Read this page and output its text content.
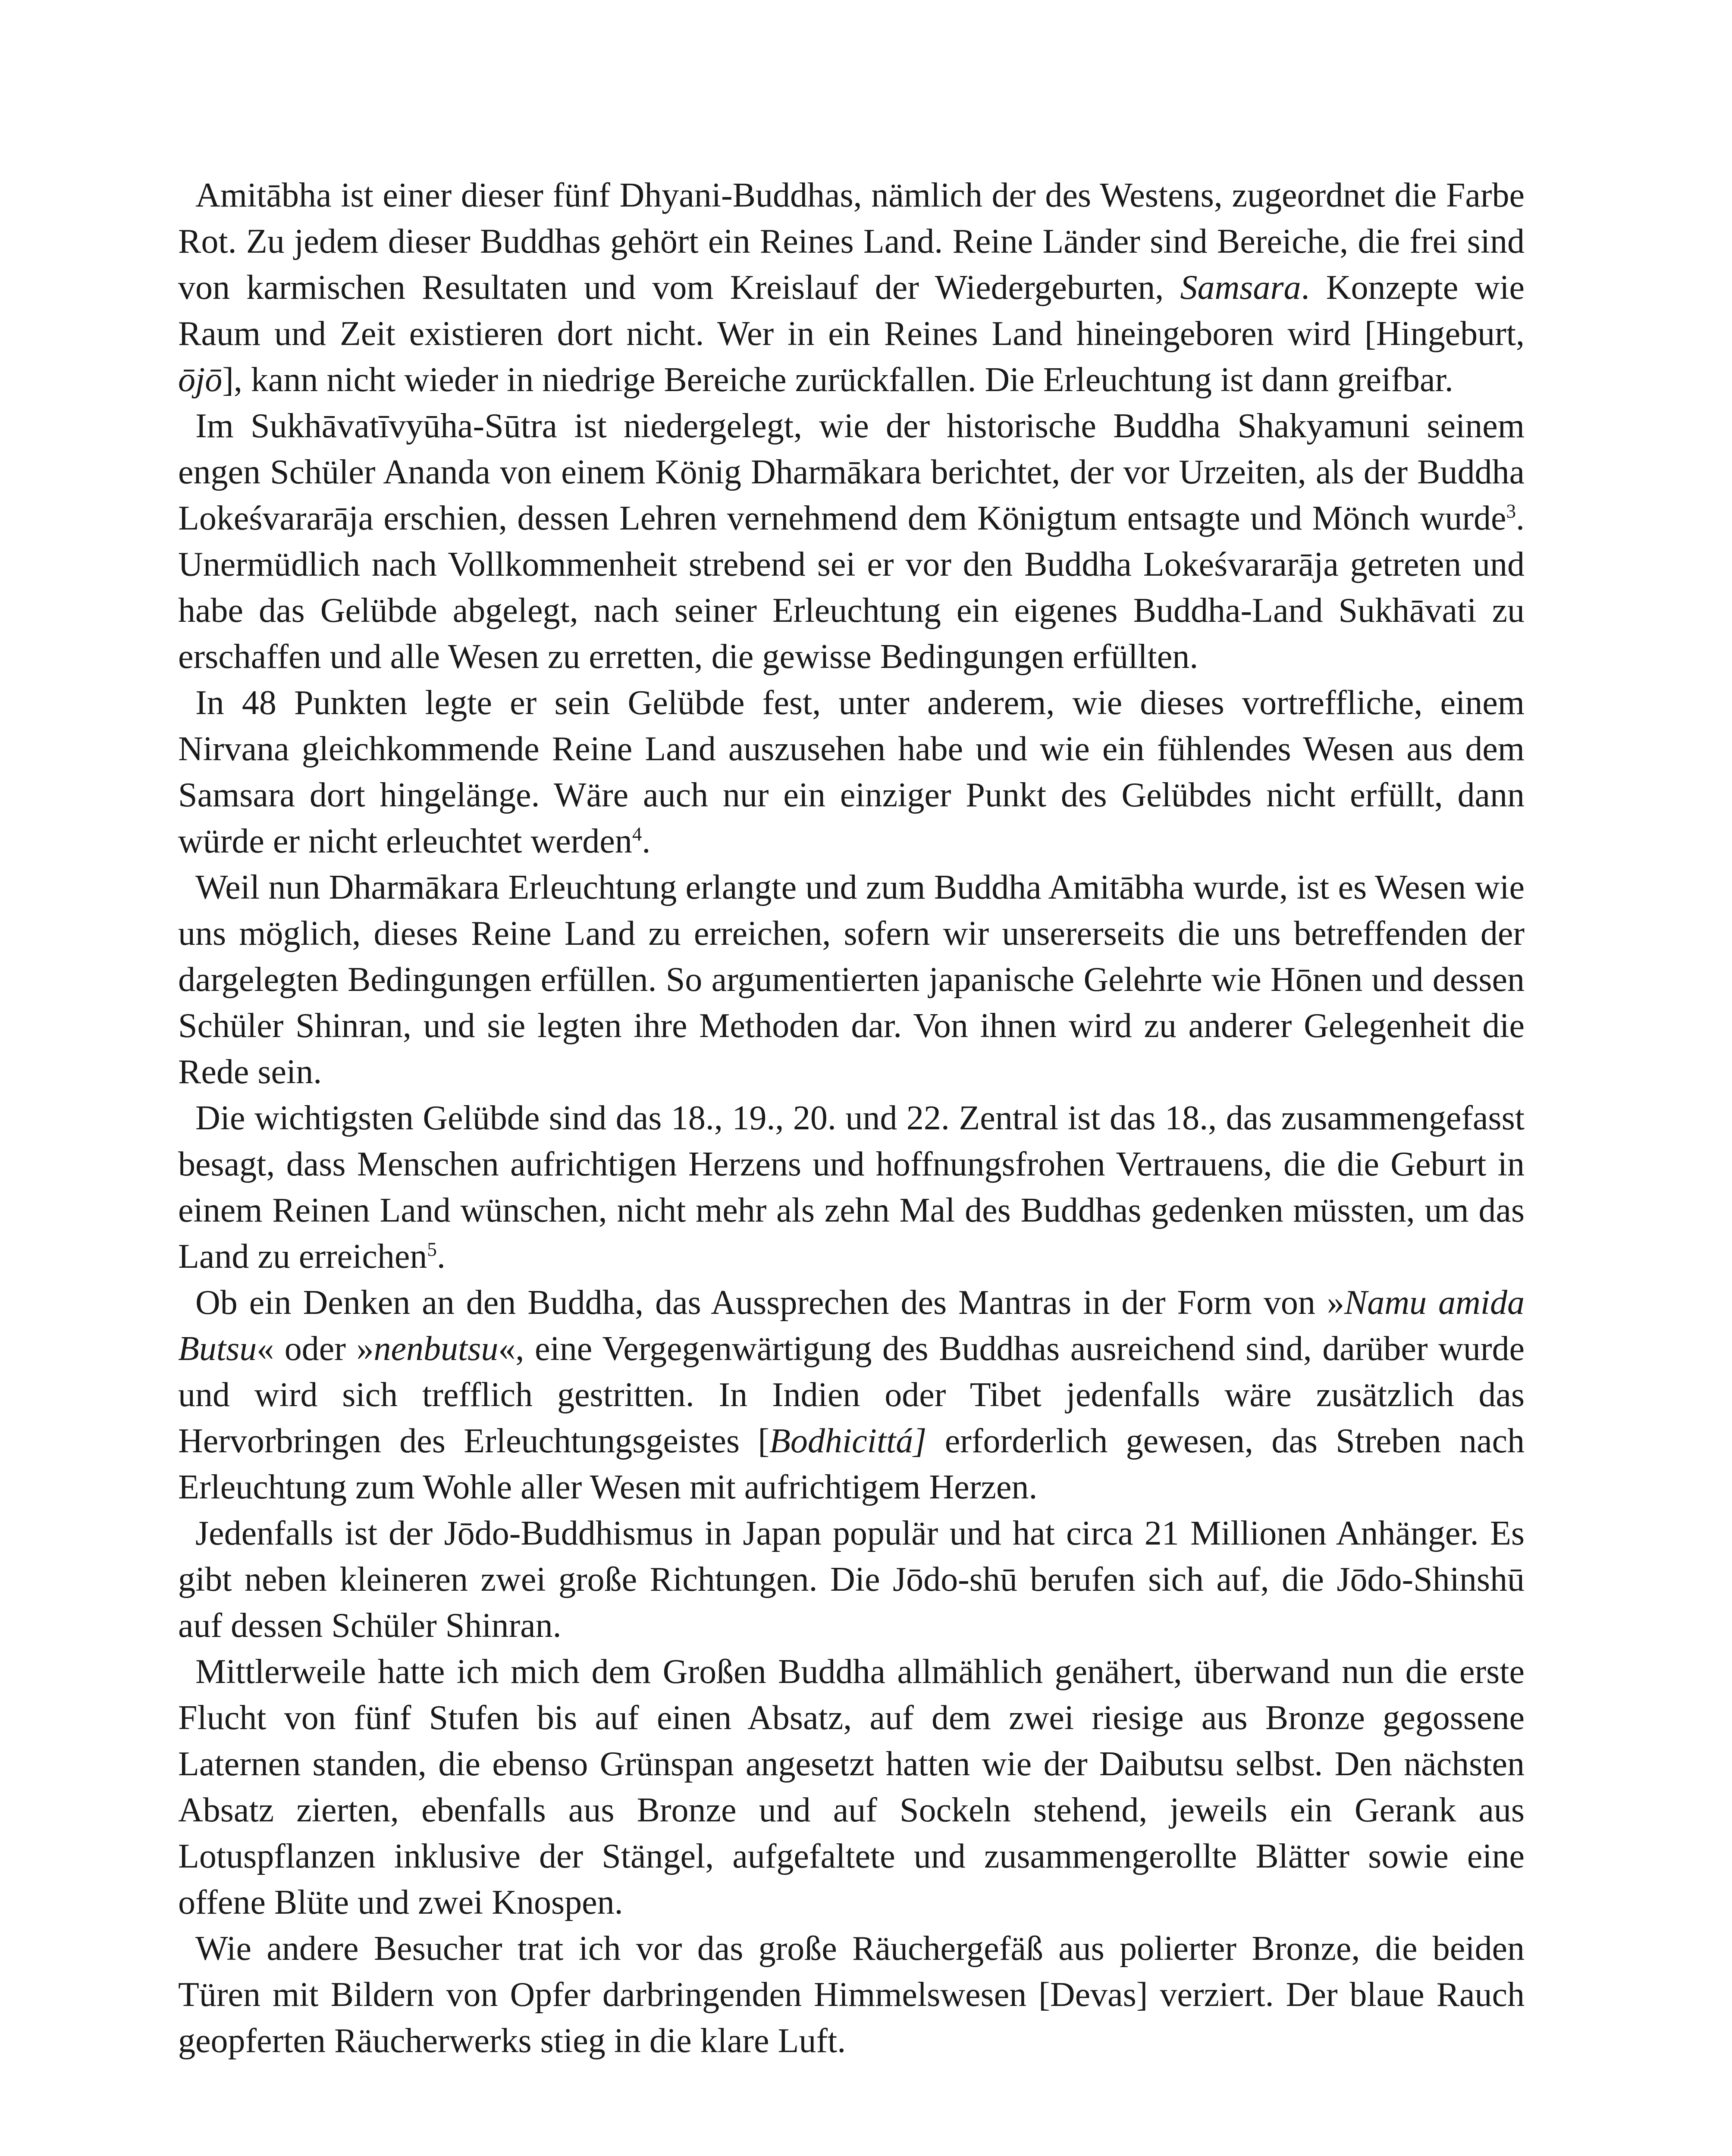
Amitābha ist einer dieser fünf Dhyani-Buddhas, nämlich der des Westens, zugeordnet die Farbe Rot. Zu jedem dieser Buddhas gehört ein Reines Land. Reine Länder sind Bereiche, die frei sind von karmischen Resultaten und vom Kreislauf der Wiedergeburten, Samsara. Konzepte wie Raum und Zeit existieren dort nicht. Wer in ein Reines Land hineingeboren wird [Hingeburt, ōjō], kann nicht wieder in niedrige Bereiche zurückfallen. Die Erleuchtung ist dann greifbar.

Im Sukhāvatīvyūha-Sūtra ist niedergelegt, wie der historische Buddha Shakyamuni seinem engen Schüler Ananda von einem König Dharmākara berichtet, der vor Urzeiten, als der Buddha Lokeśvararāja erschien, dessen Lehren vernehmend dem Königtum entsagte und Mönch wurde$^3$. Unermüdlich nach Vollkommenheit strebend sei er vor den Buddha Lokeśvararāja getreten und habe das Gelübde abgelegt, nach seiner Erleuchtung ein eigenes Buddha-Land Sukhāvati zu erschaffen und alle Wesen zu erretten, die gewisse Bedingungen erfüllten.

In 48 Punkten legte er sein Gelübde fest, unter anderem, wie dieses vortreffliche, einem Nirvana gleichkommende Reine Land auszusehen habe und wie ein fühlendes Wesen aus dem Samsara dort hingelänge. Wäre auch nur ein einziger Punkt des Gelübdes nicht erfüllt, dann würde er nicht erleuchtet werden$^4$.

Weil nun Dharmākara Erleuchtung erlangte und zum Buddha Amitābha wurde, ist es Wesen wie uns möglich, dieses Reine Land zu erreichen, sofern wir unsererseits die uns betreffenden der dargelegten Bedingungen erfüllen. So argumentierten japanische Gelehrte wie Hōnen und dessen Schüler Shinran, und sie legten ihre Methoden dar. Von ihnen wird zu anderer Gelegenheit die Rede sein.

Die wichtigsten Gelübde sind das 18., 19., 20. und 22. Zentral ist das 18., das zusammengefasst besagt, dass Menschen aufrichtigen Herzens und hoffnungsfrohen Vertrauens, die die Geburt in einem Reinen Land wünschen, nicht mehr als zehn Mal des Buddhas gedenken müssten, um das Land zu erreichen$^5$.

Ob ein Denken an den Buddha, das Aussprechen des Mantras in der Form von »Namu amida Butsu« oder »nenbutsu«, eine Vergegenwärtigung des Buddhas ausreichend sind, darüber wurde und wird sich trefflich gestritten. In Indien oder Tibet jedenfalls wäre zusätzlich das Hervorbringen des Erleuchtungsgeistes [Bodhicittá] erforderlich gewesen, das Streben nach Erleuchtung zum Wohle aller Wesen mit aufrichtigem Herzen.

Jedenfalls ist der Jōdo-Buddhismus in Japan populär und hat circa 21 Millionen Anhänger. Es gibt neben kleineren zwei große Richtungen. Die Jōdo-shū berufen sich auf, die Jōdo-Shinshū auf dessen Schüler Shinran.

Mittlerweile hatte ich mich dem Großen Buddha allmählich genähert, überwand nun die erste Flucht von fünf Stufen bis auf einen Absatz, auf dem zwei riesige aus Bronze gegossene Laternen standen, die ebenso Grünspan angesetzt hatten wie der Daibutsu selbst. Den nächsten Absatz zierten, ebenfalls aus Bronze und auf Sockeln stehend, jeweils ein Gerank aus Lotuspflanzen inklusive der Stängel, aufgefaltete und zusammengerollte Blätter sowie eine offene Blüte und zwei Knospen.

Wie andere Besucher trat ich vor das große Räuchergefäß aus polierter Bronze, die beiden Türen mit Bildern von Opfer darbringenden Himmelswesen [Devas] verziert. Der blaue Rauch geopferten Räucherwerks stieg in die klare Luft.
